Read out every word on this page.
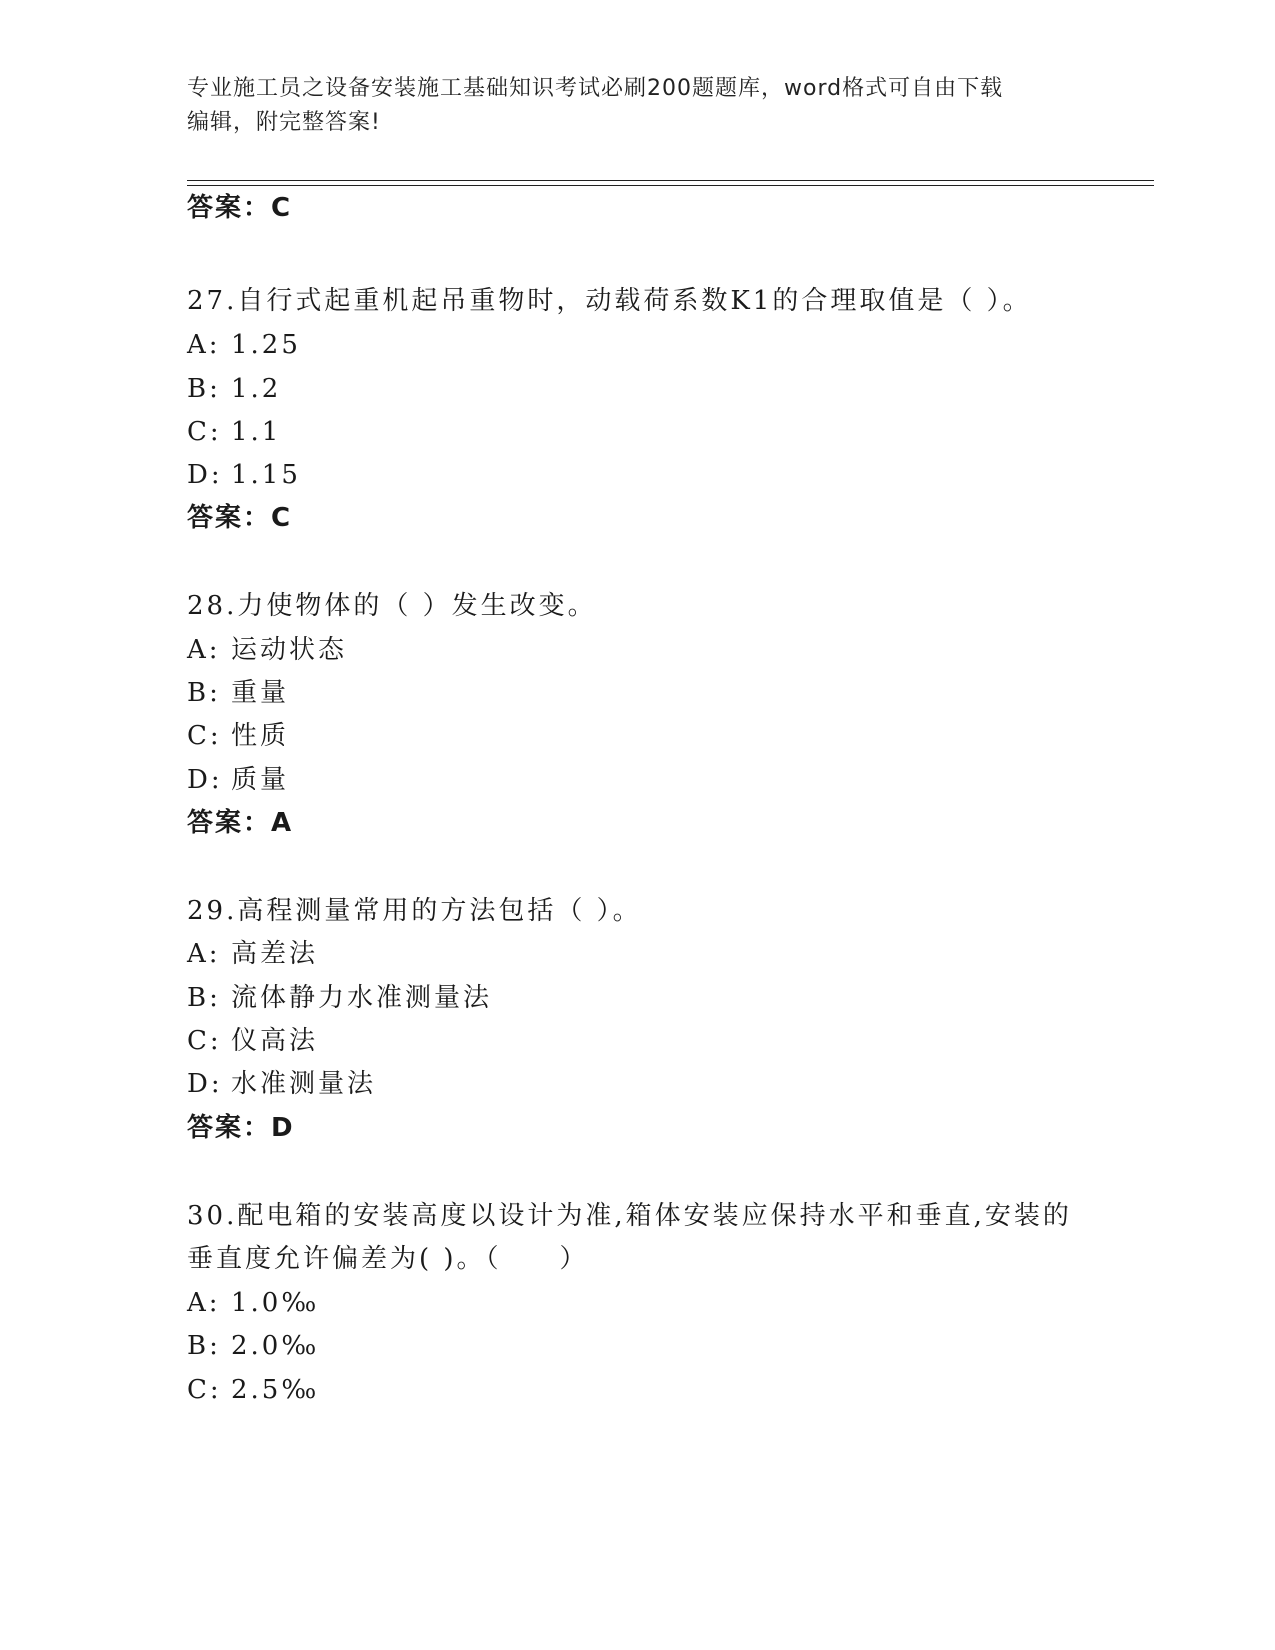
专业施工员之设备安装施工基础知识考试必刷200题题库，word格式可自由下载
编辑，附完整答案!
答案：C
27.自行式起重机起吊重物时，动载荷系数K1的合理取值是（ ）。
A: 1.25
B: 1.2
C: 1.1
D: 1.15
答案：C
28.力使物体的（ ）发生改变。
A: 运动状态
B: 重量
C: 性质
D: 质量
答案：A
29.高程测量常用的方法包括（ ）。
A: 高差法
B: 流体静力水准测量法
C: 仪高法
D: 水准测量法
答案：D
30.配电箱的安装高度以设计为准,箱体安装应保持水平和垂直,安装的
垂直度允许偏差为( )。（　　）
A: 1.0‰
B: 2.0‰
C: 2.5‰
